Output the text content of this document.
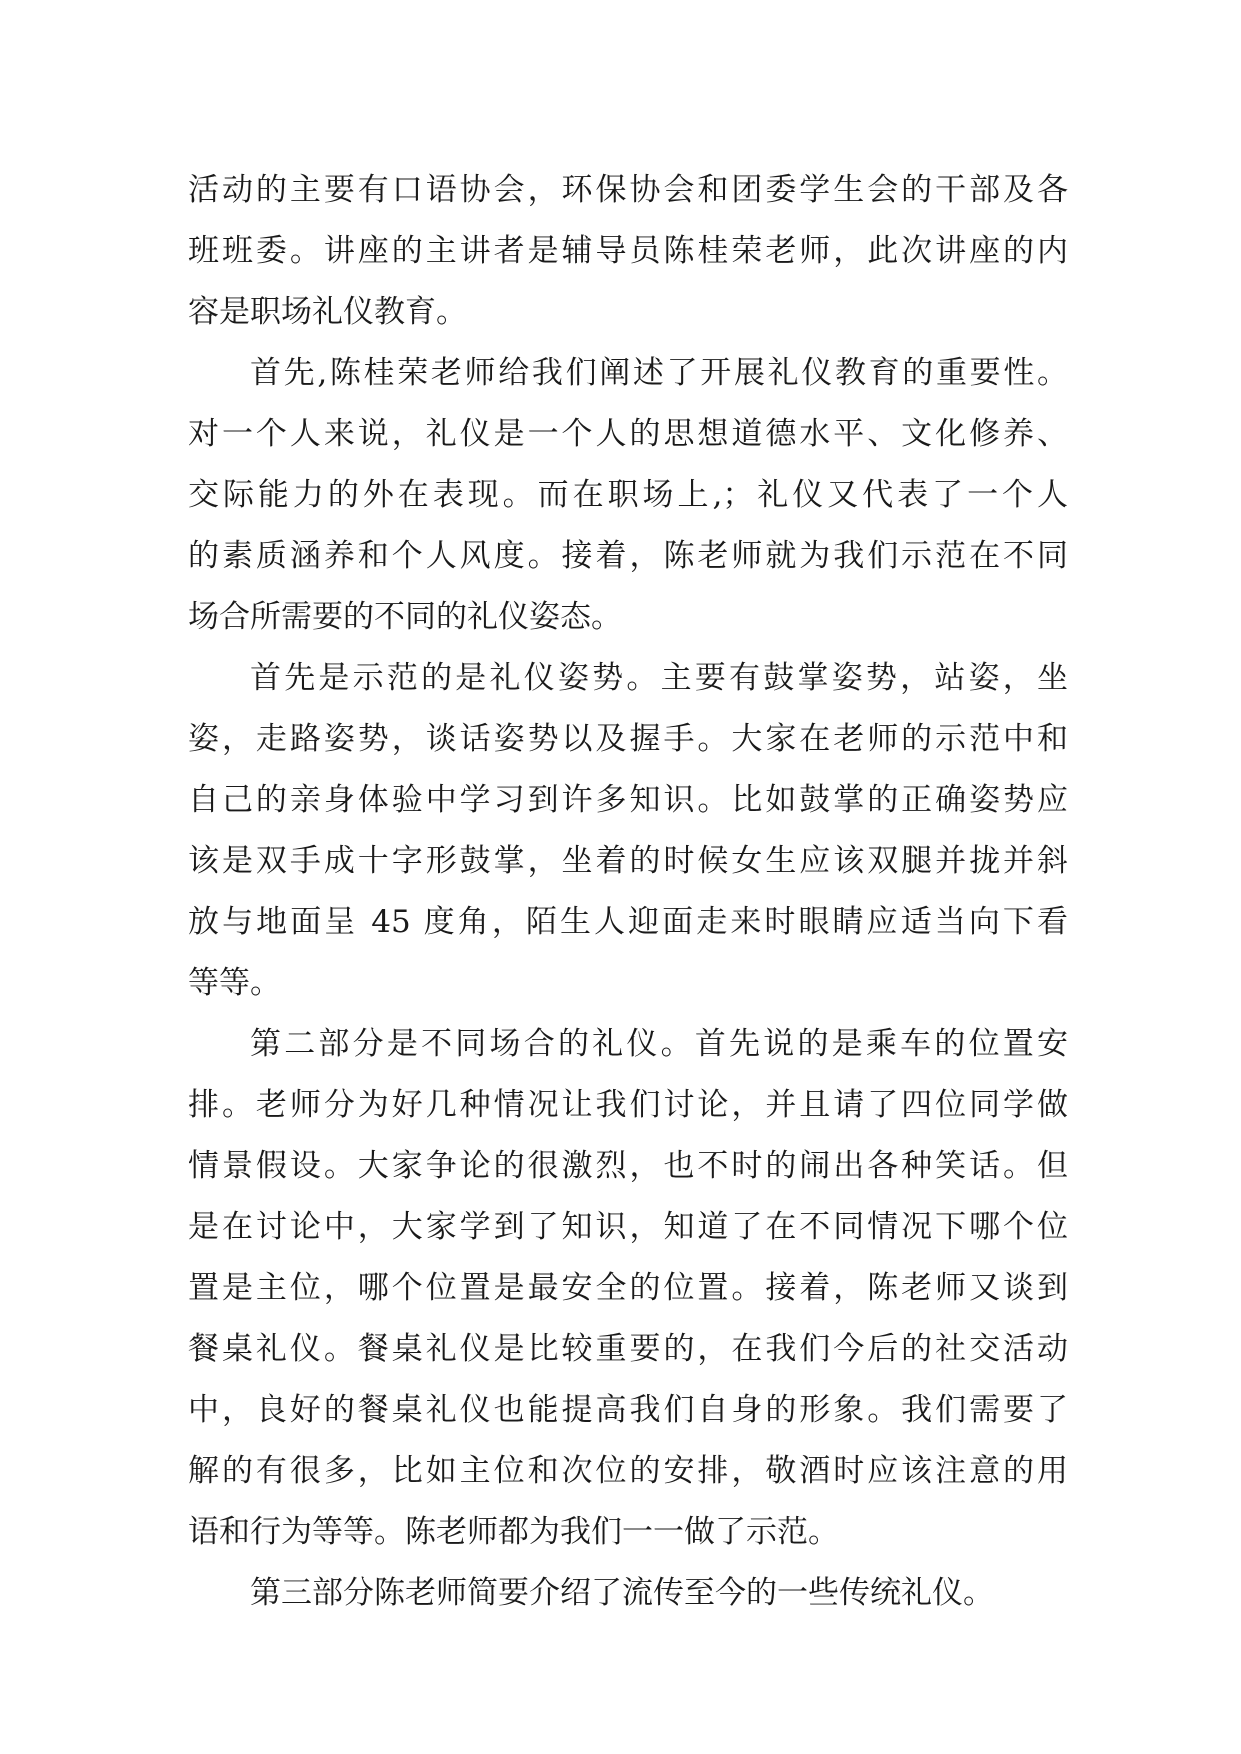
活动的主要有口语协会，环保协会和团委学生会的干部及各
班班委。讲座的主讲者是辅导员陈桂荣老师，此次讲座的内
容是职场礼仪教育。
首先,陈桂荣老师给我们阐述了开展礼仪教育的重要性。
对一个人来说，礼仪是一个人的思想道德水平、文化修养、
交际能力的外在表现。而在职场上,；礼仪又代表了一个人
的素质涵养和个人风度。接着，陈老师就为我们示范在不同
场合所需要的不同的礼仪姿态。
首先是示范的是礼仪姿势。主要有鼓掌姿势，站姿，坐
姿，走路姿势，谈话姿势以及握手。大家在老师的示范中和
自己的亲身体验中学习到许多知识。比如鼓掌的正确姿势应
该是双手成十字形鼓掌，坐着的时候女生应该双腿并拢并斜
放与地面呈 45 度角，陌生人迎面走来时眼睛应适当向下看
等等。
第二部分是不同场合的礼仪。首先说的是乘车的位置安
排。老师分为好几种情况让我们讨论，并且请了四位同学做
情景假设。大家争论的很激烈，也不时的闹出各种笑话。但
是在讨论中，大家学到了知识，知道了在不同情况下哪个位
置是主位，哪个位置是最安全的位置。接着，陈老师又谈到
餐桌礼仪。餐桌礼仪是比较重要的，在我们今后的社交活动
中，良好的餐桌礼仪也能提高我们自身的形象。我们需要了
解的有很多，比如主位和次位的安排，敬酒时应该注意的用
语和行为等等。陈老师都为我们一一做了示范。
第三部分陈老师简要介绍了流传至今的一些传统礼仪。
